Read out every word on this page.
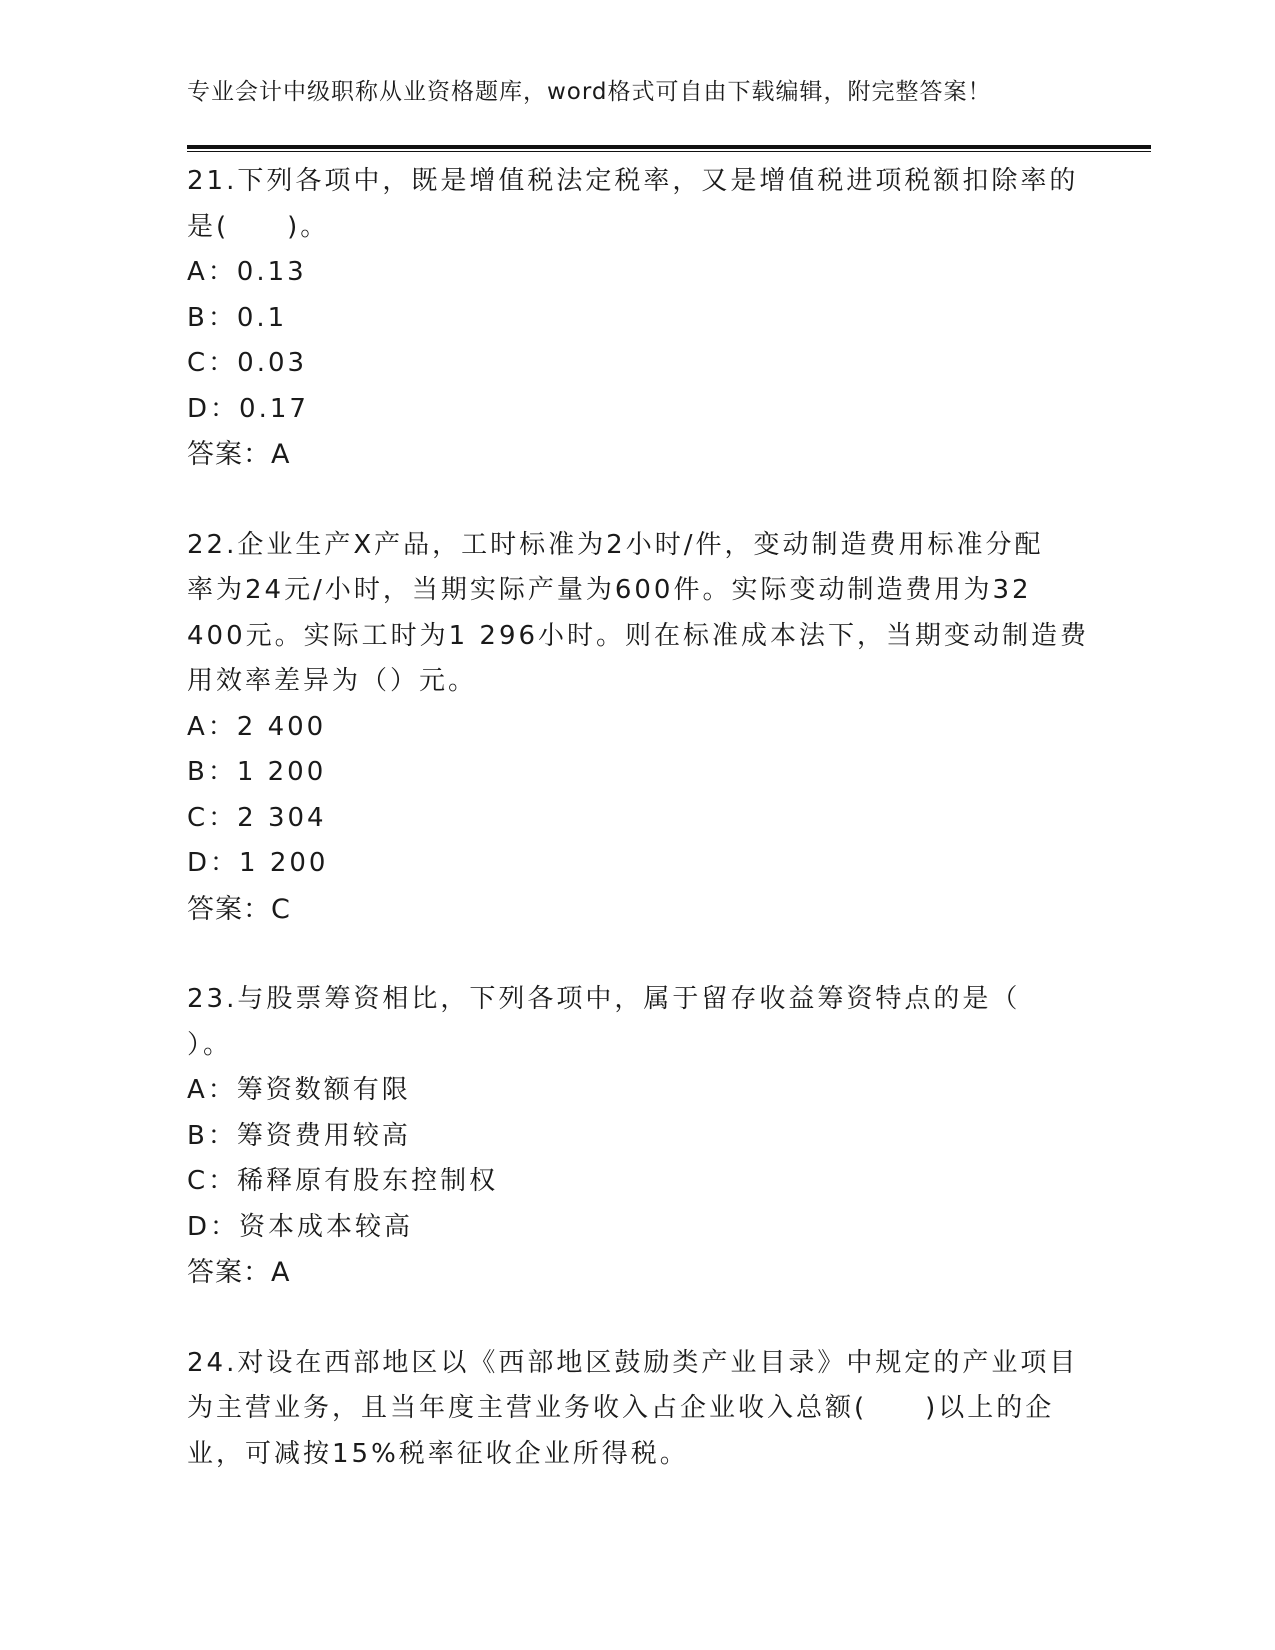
专业会计中级职称从业资格题库，word格式可自由下载编辑，附完整答案！
21.下列各项中，既是增值税法定税率，又是增值税进项税额扣除率的
是(　　)。
A：0.13
B：0.1
C：0.03
D：0.17
答案：A
22.企业生产X产品，工时标准为2小时/件，变动制造费用标准分配
率为24元/小时，当期实际产量为600件。实际变动制造费用为32
400元。实际工时为1 296小时。则在标准成本法下，当期变动制造费
用效率差异为（）元。
A：2 400
B：1 200
C：2 304
D：1 200
答案：C
23.与股票筹资相比，下列各项中，属于留存收益筹资特点的是（
）。
A：筹资数额有限
B：筹资费用较高
C：稀释原有股东控制权
D：资本成本较高
答案：A
24.对设在西部地区以《西部地区鼓励类产业目录》中规定的产业项目
为主营业务，且当年度主营业务收入占企业收入总额(　　)以上的企
业，可减按15%税率征收企业所得税。
